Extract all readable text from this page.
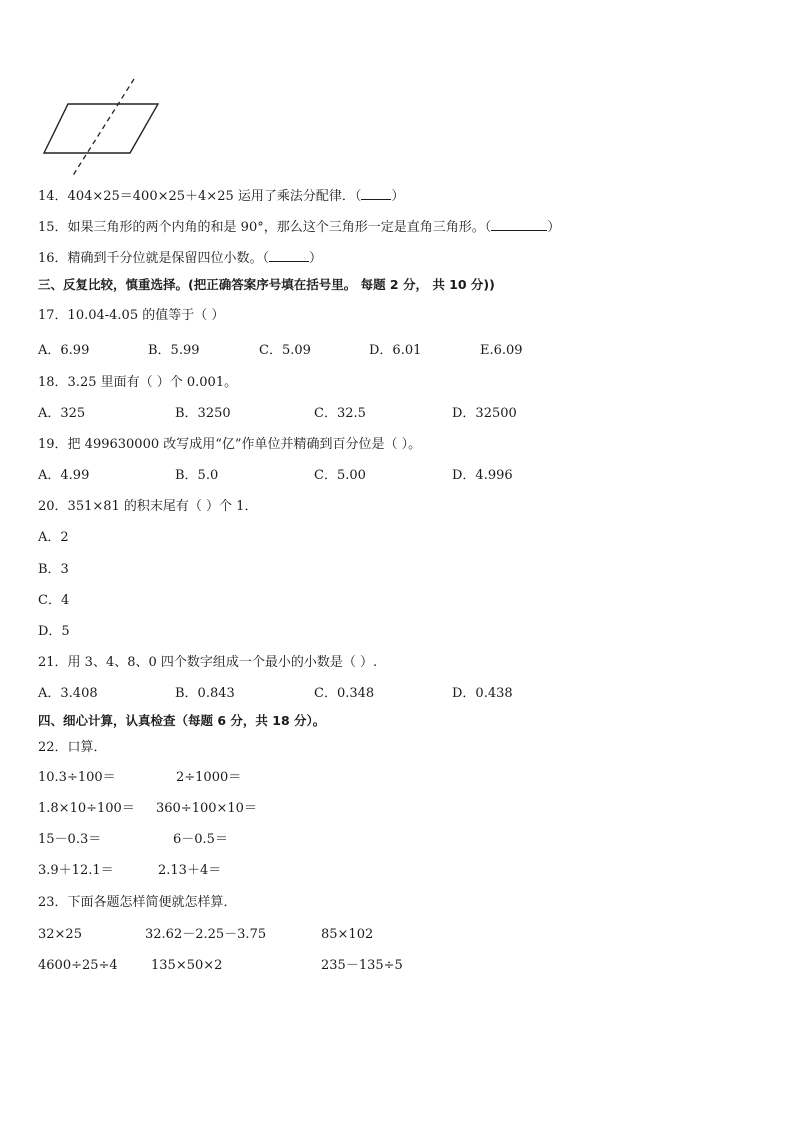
14．404×25＝400×25＋4×25 运用了乘法分配律．（ ）
15．如果三角形的两个内角的和是 90°，那么这个三角形一定是直角三角形。（	）
16．精确到千分位就是保留四位小数。（	）
三、反复比较，慎重选择。(把正确答案序号填在括号里。 每题 2 分， 共 10 分))
17．10.04-4.05 的值等于（ ）
A．6.99	B．5.99	C．5.09	D．6.01	E.6.09
18．3.25 里面有（ ）个 0.001。
A．325	B．3250	C．32.5	D．32500
19．把 499630000 改写成用“亿”作单位并精确到百分位是（ ）。
A．4.99	B．5.0	C．5.00	D．4.996
20．351×81 的积末尾有（ ）个 1．
A．2
B．3
C．4
D．5
21．用 3、4、8、0 四个数字组成一个最小的小数是（ ）.
A．3.408	B．0.843	C．0.348	D．0.438
四、细心计算，认真检查（每题 6 分，共 18 分）。
22．口算．
10.3÷100＝	2÷1000＝
1.8×10÷100＝ 360÷100×10＝
15－0.3＝	6－0.5＝
3.9＋12.1＝	2.13＋4＝
23．下面各题怎样简便就怎样算．
32×25	32.62－2.25－3.75	85×102
4600÷25÷4	135×50×2	235－135÷5
